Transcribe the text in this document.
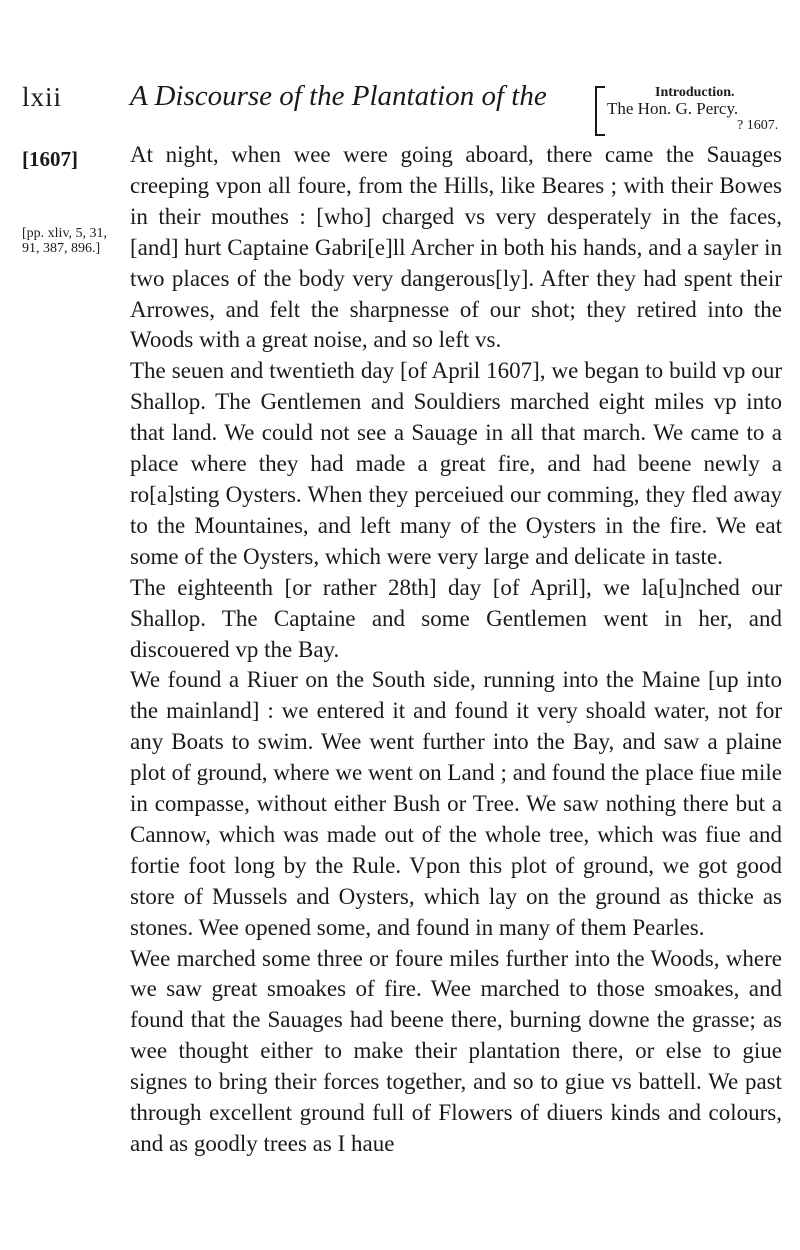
lxii A Discourse of the Plantation of the	Introduction.
The Hon. G. Percy.
? 1607.
[1607]
[pp. xliv, 5, 31, 91, 387, 896.]

At night, when wee were going aboard, there came the Sauages creeping vpon all foure, from the Hills, like Beares ; with their Bowes in their mouthes : [who] charged vs very desperately in the faces, [and] hurt Captaine Gabri[e]ll Archer in both his hands, and a sayler in two places of the body very dangerous[ly]. After they had spent their Arrowes, and felt the sharpnesse of our shot; they retired into the Woods with a great noise, and so left vs.

The seuen and twentieth day [of April 1607], we began to build vp our Shallop. The Gentlemen and Souldiers marched eight miles vp into that land. We could not see a Sauage in all that march. We came to a place where they had made a great fire, and had beene newly a ro[a]sting Oysters. When they perceiued our comming, they fled away to the Mountaines, and left many of the Oysters in the fire. We eat some of the Oysters, which were very large and delicate in taste.

The eighteenth [or rather 28th] day [of April], we la[u]nched our Shallop. The Captaine and some Gentlemen went in her, and discouered vp the Bay.

We found a Riuer on the South side, running into the Maine [up into the mainland] : we entered it and found it very shoald water, not for any Boats to swim. Wee went further into the Bay, and saw a plaine plot of ground, where we went on Land ; and found the place fiue mile in compasse, without either Bush or Tree. We saw nothing there but a Cannow, which was made out of the whole tree, which was fiue and fortie foot long by the Rule. Vpon this plot of ground, we got good store of Mussels and Oysters, which lay on the ground as thicke as stones. Wee opened some, and found in many of them Pearles.

Wee marched some three or foure miles further into the Woods, where we saw great smoakes of fire. Wee marched to those smoakes, and found that the Sauages had beene there, burning downe the grasse; as wee thought either to make their plantation there, or else to giue signes to bring their forces together, and so to giue vs battell. We past through excellent ground full of Flowers of diuers kinds and colours, and as goodly trees as I haue
